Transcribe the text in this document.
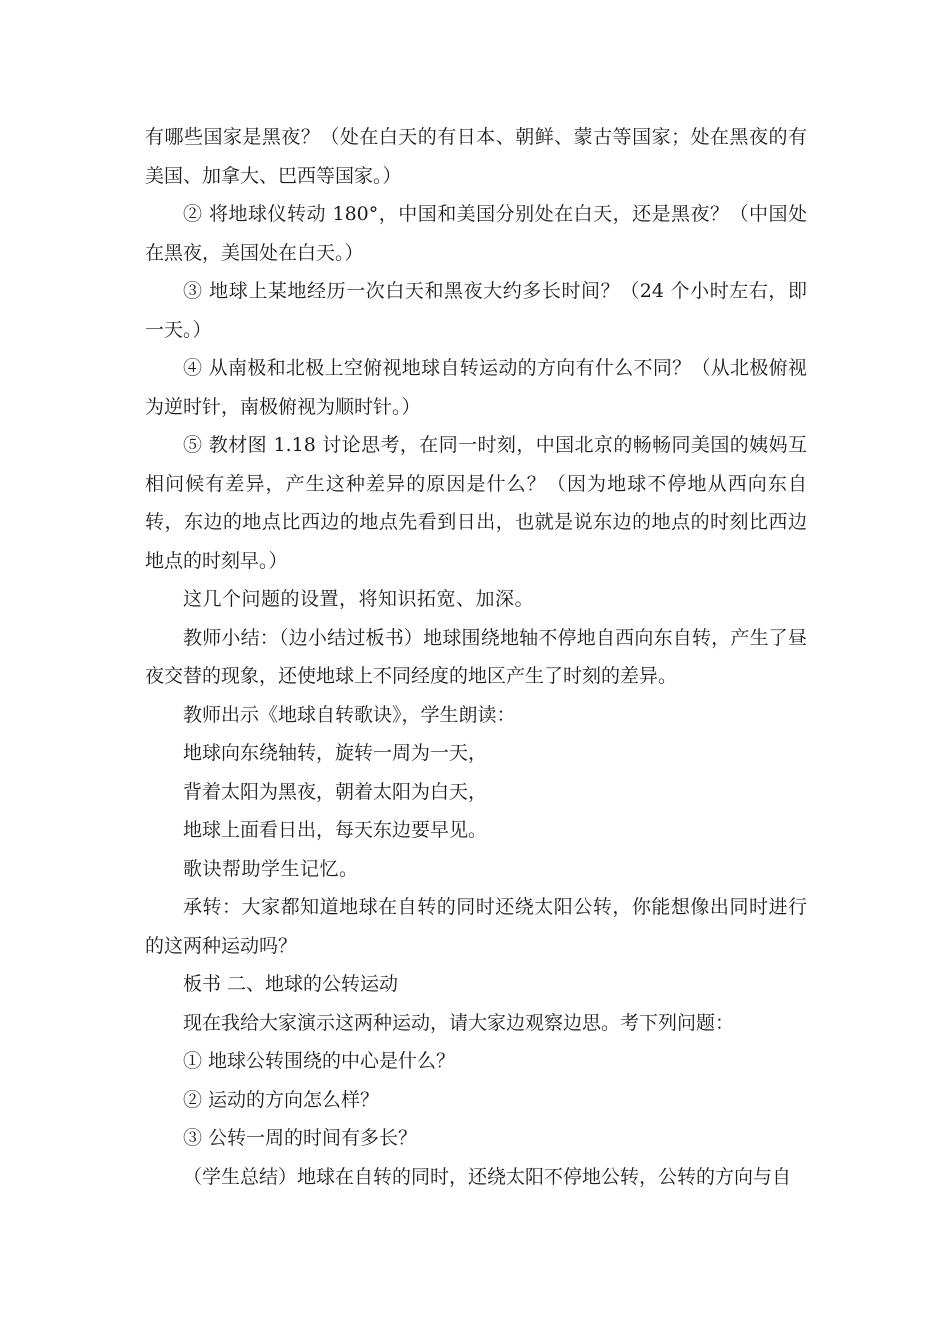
有哪些国家是黑夜？（处在白天的有日本、朝鲜、蒙古等国家；处在黑夜的有美国、加拿大、巴西等国家。）

② 将地球仪转动 180°，中国和美国分别处在白天，还是黑夜？（中国处在黑夜，美国处在白天。）

③ 地球上某地经历一次白天和黑夜大约多长时间？（24 个小时左右，即一天。）

④ 从南极和北极上空俯视地球自转运动的方向有什么不同？（从北极俯视为逆时针，南极俯视为顺时针。）

⑤ 教材图 1.18 讨论思考，在同一时刻，中国北京的畅畅同美国的姨妈互相问候有差异，产生这种差异的原因是什么？（因为地球不停地从西向东自转，东边的地点比西边的地点先看到日出，也就是说东边的地点的时刻比西边地点的时刻早。）

这几个问题的设置，将知识拓宽、加深。

教师小结：（边小结过板书）地球围绕地轴不停地自西向东自转，产生了昼夜交替的现象，还使地球上不同经度的地区产生了时刻的差异。

教师出示《地球自转歌诀》，学生朗读：

地球向东绕轴转，旋转一周为一天，

背着太阳为黑夜，朝着太阳为白天，

地球上面看日出，每天东边要早见。

歌诀帮助学生记忆。

承转：大家都知道地球在自转的同时还绕太阳公转，你能想像出同时进行的这两种运动吗？

板书 二、地球的公转运动

现在我给大家演示这两种运动，请大家边观察边思。考下列问题：

① 地球公转围绕的中心是什么？

② 运动的方向怎么样？

③ 公转一周的时间有多长？

（学生总结）地球在自转的同时，还绕太阳不停地公转，公转的方向与自
